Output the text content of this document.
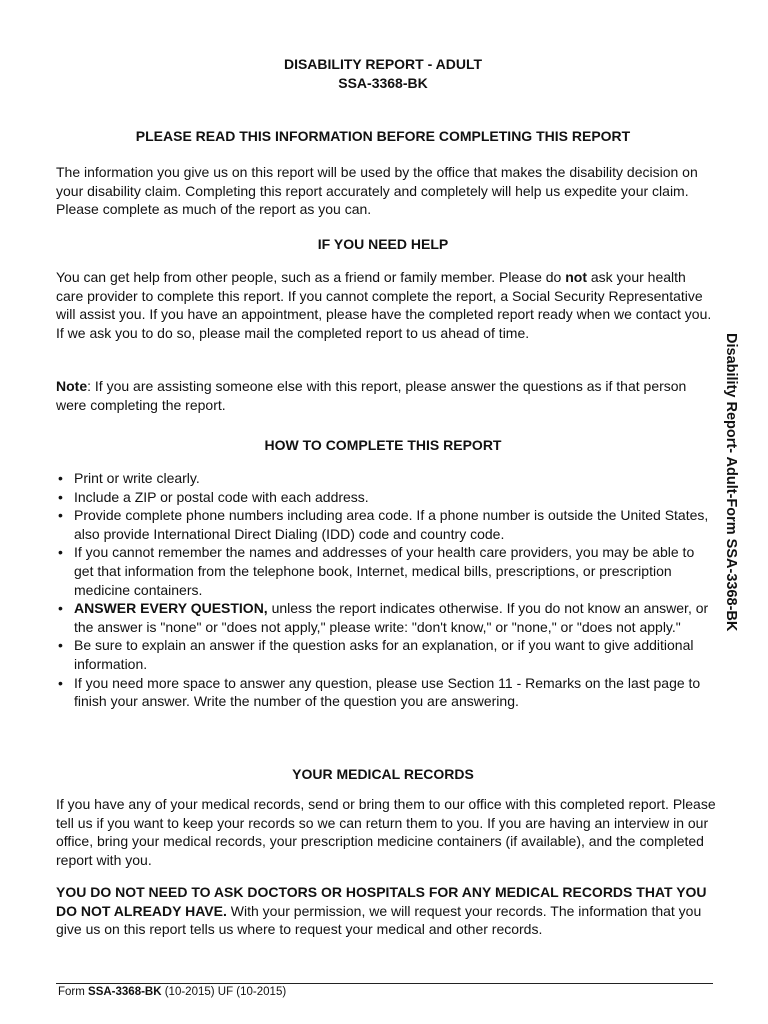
DISABILITY REPORT - ADULT
SSA-3368-BK
PLEASE READ THIS INFORMATION BEFORE COMPLETING THIS REPORT
The information you give us on this report will be used by the office that makes the disability decision on your disability claim. Completing this report accurately and completely will help us expedite your claim. Please complete as much of the report as you can.
IF YOU NEED HELP
You can get help from other people, such as a friend or family member. Please do not ask your health care provider to complete this report. If you cannot complete the report, a Social Security Representative will assist you. If you have an appointment, please have the completed report ready when we contact you. If we ask you to do so, please mail the completed report to us ahead of time.
Note: If you are assisting someone else with this report, please answer the questions as if that person were completing the report.
HOW TO COMPLETE THIS REPORT
• Print or write clearly.
• Include a ZIP or postal code with each address.
• Provide complete phone numbers including area code. If a phone number is outside the United States, also provide International Direct Dialing (IDD) code and country code.
• If you cannot remember the names and addresses of your health care providers, you may be able to get that information from the telephone book, Internet, medical bills, prescriptions, or prescription medicine containers.
• ANSWER EVERY QUESTION, unless the report indicates otherwise. If you do not know an answer, or the answer is "none" or "does not apply," please write: "don't know," or "none," or "does not apply."
• Be sure to explain an answer if the question asks for an explanation, or if you want to give additional information.
• If you need more space to answer any question, please use Section 11 - Remarks on the last page to finish your answer. Write the number of the question you are answering.
YOUR MEDICAL RECORDS
If you have any of your medical records, send or bring them to our office with this completed report. Please tell us if you want to keep your records so we can return them to you. If you are having an interview in our office, bring your medical records, your prescription medicine containers (if available), and the completed report with you.
YOU DO NOT NEED TO ASK DOCTORS OR HOSPITALS FOR ANY MEDICAL RECORDS THAT YOU DO NOT ALREADY HAVE. With your permission, we will request your records. The information that you give us on this report tells us where to request your medical and other records.
Disability Report- Adult-Form SSA-3368-BK
Form SSA-3368-BK (10-2015) UF (10-2015)
